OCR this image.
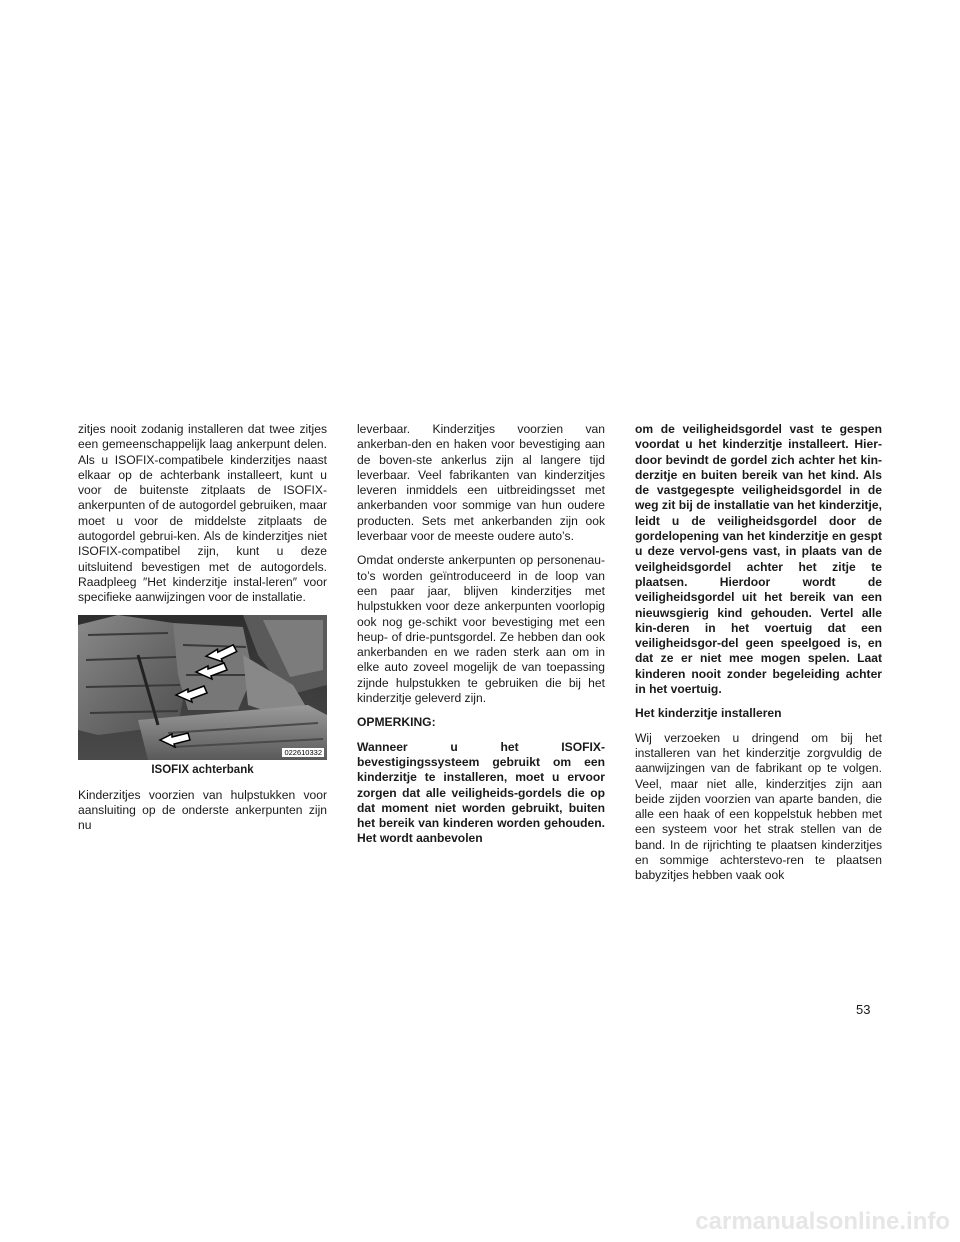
zitjes nooit zodanig installeren dat twee zitjes een gemeenschappelijk laag ankerpunt delen. Als u ISOFIX-compatibele kinderzitjes naast elkaar op de achterbank installeert, kunt u voor de buitenste zitplaats de ISOFIX-ankerpunten of de autogordel gebruiken, maar moet u voor de middelste zitplaats de autogordel gebrui-ken. Als de kinderzitjes niet ISOFIX-compatibel zijn, kunt u deze uitsluitend bevestigen met de autogordels. Raadpleeg ″Het kinderzitje instal-leren″ voor specifieke aanwijzingen voor de installatie.

022610332
ISOFIX achterbank

Kinderzitjes voorzien van hulpstukken voor aansluiting op de onderste ankerpunten zijn nu

leverbaar. Kinderzitjes voorzien van ankerban-den en haken voor bevestiging aan de boven-ste ankerlus zijn al langere tijd leverbaar. Veel fabrikanten van kinderzitjes leveren inmiddels een uitbreidingsset met ankerbanden voor sommige van hun oudere producten. Sets met ankerbanden zijn ook leverbaar voor de meeste oudere auto’s.

Omdat onderste ankerpunten op personenau-to’s worden geïntroduceerd in de loop van een paar jaar, blijven kinderzitjes met hulpstukken voor deze ankerpunten voorlopig ook nog ge-schikt voor bevestiging met een heup- of drie-puntsgordel. Ze hebben dan ook ankerbanden en we raden sterk aan om in elke auto zoveel mogelijk de van toepassing zijnde hulpstukken te gebruiken die bij het kinderzitje geleverd zijn.

OPMERKING:

Wanneer u het ISOFIX-bevestigingssysteem gebruikt om een kinderzitje te installeren, moet u ervoor zorgen dat alle veiligheids-gordels die op dat moment niet worden gebruikt, buiten het bereik van kinderen worden gehouden. Het wordt aanbevolen

om de veiligheidsgordel vast te gespen voordat u het kinderzitje installeert. Hier-door bevindt de gordel zich achter het kin-derzitje en buiten bereik van het kind. Als de vastgegespte veiligheidsgordel in de weg zit bij de installatie van het kinderzitje, leidt u de veiligheidsgordel door de gordelopening van het kinderzitje en gespt u deze vervol-gens vast, in plaats van de veilgheidsgordel achter het zitje te plaatsen. Hierdoor wordt de veiligheidsgordel uit het bereik van een nieuwsgierig kind gehouden. Vertel alle kin-deren in het voertuig dat een veiligheidsgor-del geen speelgoed is, en dat ze er niet mee mogen spelen. Laat kinderen nooit zonder begeleiding achter in het voertuig.

Het kinderzitje installeren

Wij verzoeken u dringend om bij het installeren van het kinderzitje zorgvuldig de aanwijzingen van de fabrikant op te volgen. Veel, maar niet alle, kinderzitjes zijn aan beide zijden voorzien van aparte banden, die alle een haak of een koppelstuk hebben met een systeem voor het strak stellen van de band. In de rijrichting te plaatsen kinderzitjes en sommige achterstevo-ren te plaatsen babyzitjes hebben vaak ook

53
carmanualsonline.info
